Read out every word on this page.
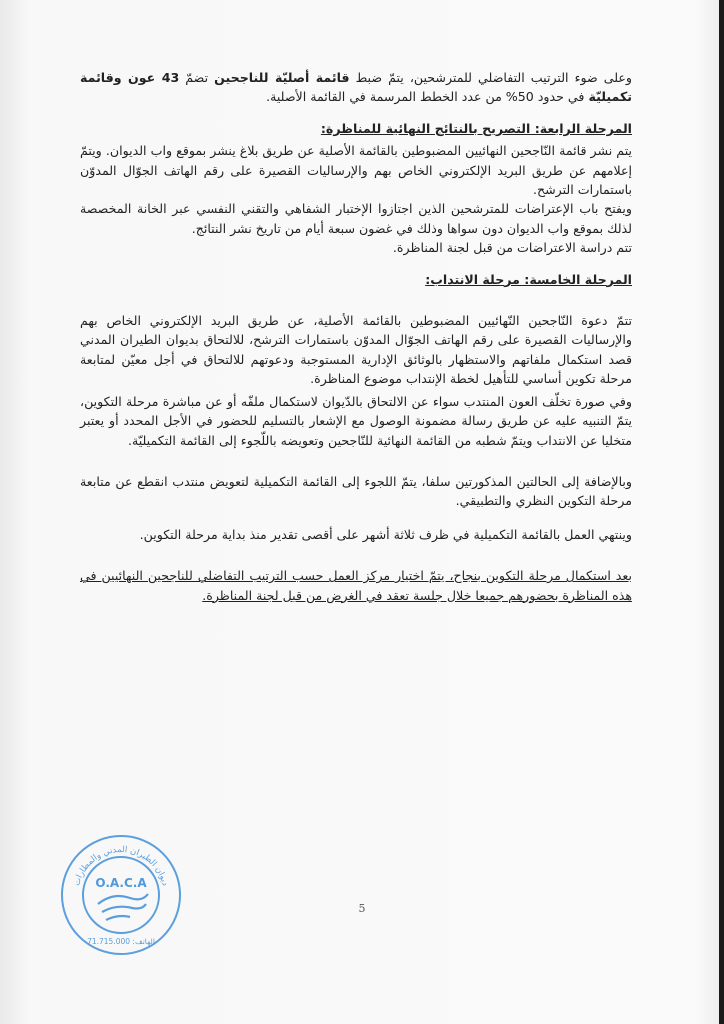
وعلى ضوء الترتيب التفاضلي للمترشحين، يتمّ ضبط قائمة أصليّة للناجحين تضمّ 43 عون وقائمة تكميليّة في حدود 50% من عدد الخطط المرسمة في القائمة الأصلية.

المرحلة الرابعة: التصريح بالنتائج النهائية للمناظرة:

يتم نشر قائمة النّاجحين النهائيين المضبوطين بالقائمة الأصلية عن طريق بلاغ ينشر بموقع واب الديوان. ويتمّ إعلامهم عن طريق البريد الإلكتروني الخاص بهم والإرساليات القصيرة على رقم الهاتف الجوّال المدوّن باستمارات الترشح.

ويفتح باب الإعتراضات للمترشحين الذين اجتازوا الإختبار الشفاهي والتقني النفسي عبر الخانة المخصصة لذلك بموقع واب الديوان دون سواها وذلك في غضون سبعة أيام من تاريخ نشر النتائج.

تتم دراسة الاعتراضات من قبل لجنة المناظرة.

المرحلة الخامسة: مرحلة الانتداب:

تتمّ دعوة النّاجحين النّهائيين المضبوطين بالقائمة الأصلية، عن طريق البريد الإلكتروني الخاص بهم والإرساليات القصيرة على رقم الهاتف الجوّال المدوّن باستمارات الترشح، للالتحاق بديوان الطيران المدني قصد استكمال ملفاتهم والاستظهار بالوثائق الإدارية المستوجبة ودعوتهم للالتحاق في أجل معيّن لمتابعة مرحلة تكوين أساسي للتأهيل لخطة الإنتداب موضوع المناظرة.

وفي صورة تخلّف العون المنتدب سواء عن الالتحاق بالدّيوان لاستكمال ملفّه أو عن مباشرة مرحلة التكوين، يتمّ التنبيه عليه عن طريق رسالة مضمونة الوصول مع الإشعار بالتسليم للحضور في الأجل المحدد أو يعتبر متخليا عن الانتداب ويتمّ شطبه من القائمة النهائية للنّاجحين وتعويضه باللّجوء إلى القائمة التكميليّة.

وبالإضافة إلى الحالتين المذكورتين سلفا، يتمّ اللجوء إلى القائمة التكميلية لتعويض منتدب انقطع عن متابعة مرحلة التكوين النظري والتطبيقي.

وينتهي العمل بالقائمة التكميلية في ظرف ثلاثة أشهر على أقصى تقدير منذ بداية مرحلة التكوين.

بعد استكمال مرحلة التكوين بنجاح، يتمّ اختيار مركز العمل حسب الترتيب التفاضلي للناجحين النهائيين في هذه المناظرة بحضورهم جميعا خلال جلسة تعقد في الغرض من قبل لجنة المناظرة.

5
ديوان الطيران المدني والمطارات
O.A.C.A
الهاتف: 71.715.000
